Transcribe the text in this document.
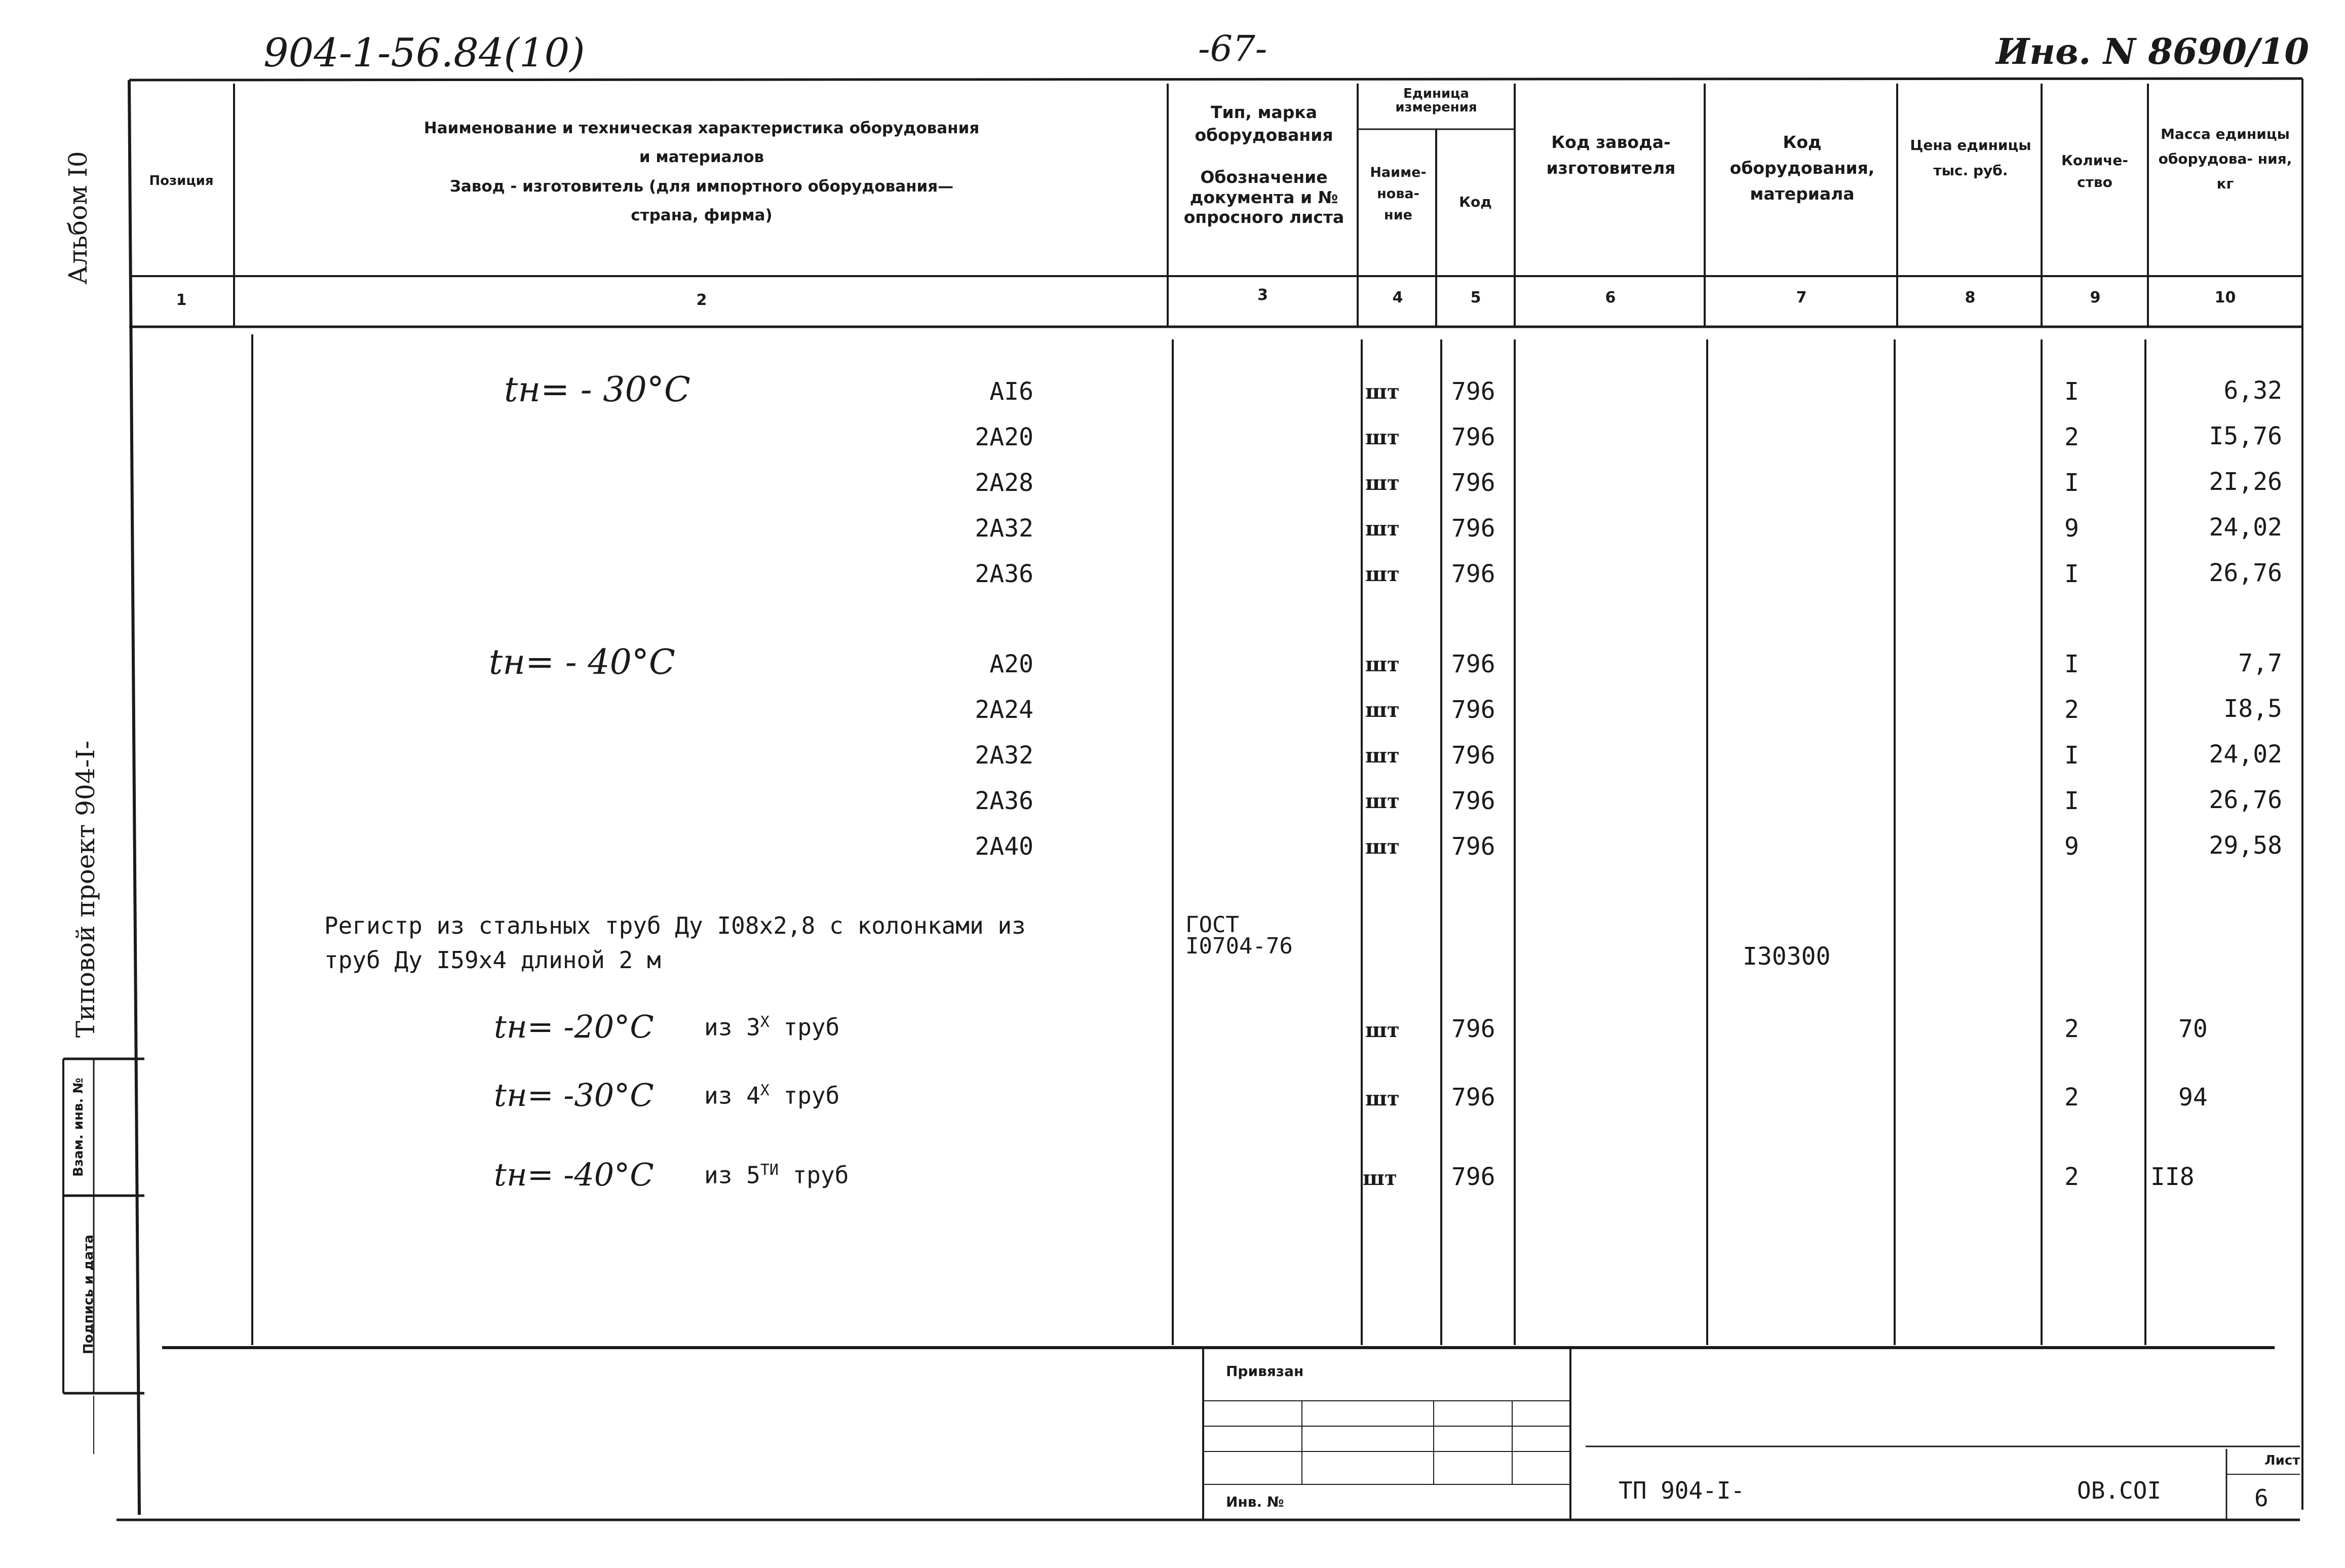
904-1-56.84(10)	-67-	Инв. N 8690/10
Альбом I0
Типовой проект 904-I-
Взам. инв. №
Подпись и дата
Позиция
Наименование и техническая характеристика оборудования
и материалов
Завод - изготовитель (для импортного оборудования—
страна, фирма)
Тип, марка оборудования
Обозначение документа и № опросного листа
Единица измерения
Наиме- нова- ние
Код
Код завода- изготовителя
Код оборудования, материала
Цена единицы тыс. руб.
Количе- ство
Масса единицы оборудова- ния, кг
1	2	3	4	5	6	7	8	9	10
tн= - 30°С	AI6	шт 796	I	6,32
2A20	шт 796	2	I5,76
2A28	шт 796	I	2I,26
2A32	шт 796	9	24,02
2A36	шт 796	I	26,76
tн= - 40°С	A20	шт 796	I	7,7
2A24	шт 796	2	I8,5
2A32	шт 796	I	24,02
2A36	шт 796	I	26,76
2A40	шт 796	9	29,58
Регистр из стальных труб Ду I08х2,8 с колонками из
труб Ду I59х4 длиной 2 м
ГОСТ
I0704-76	I30300
tн= -20°С из $3^Х$ труб	шт 796	2	70
tн= -30°С из $4^Х$ труб	шт 796	2	94
tн= -40°С из $5^{ТИ}$ труб	шт 796	2	II8
Привязан
Инв. №	ТП 904-I-	ОВ.СОI
Лист
6
